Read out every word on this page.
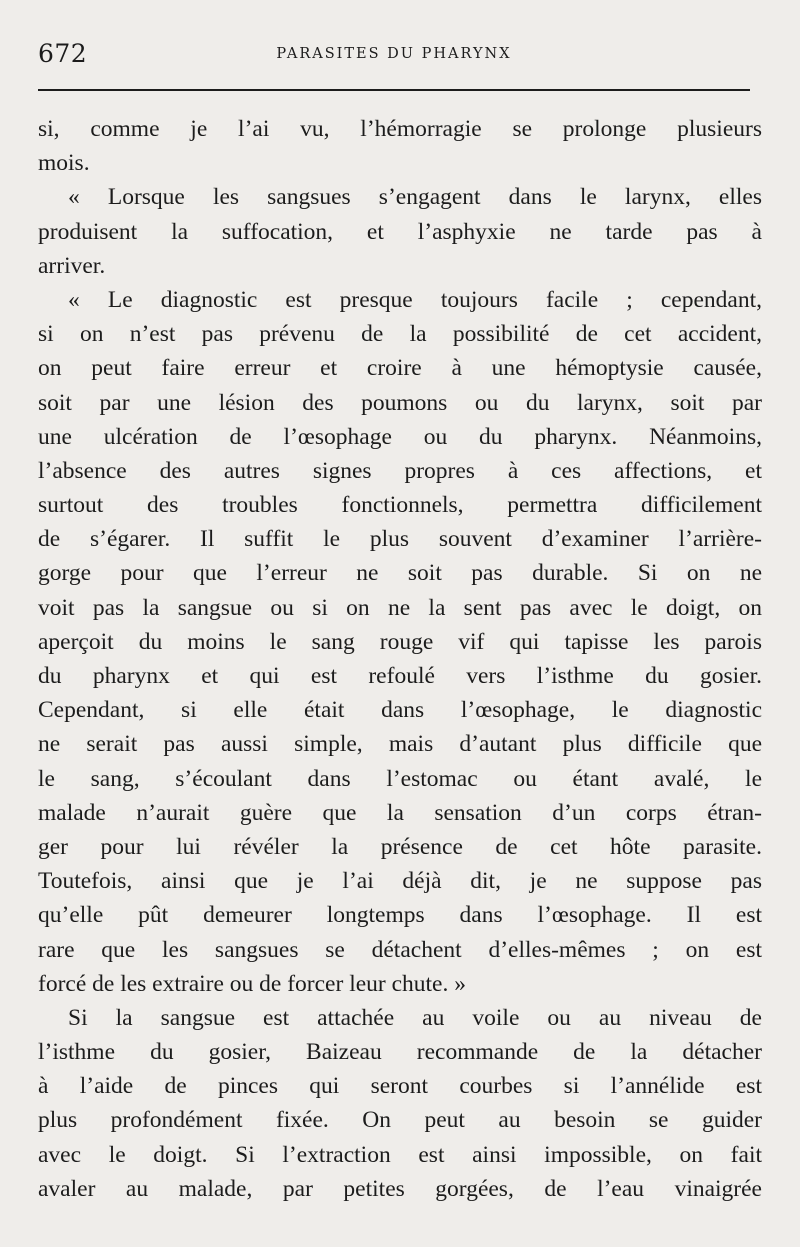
672	PARASITES DU PHARYNX
si, comme je l’ai vu, l’hémorragie se prolonge plusieurs
mois.
« Lorsque les sangsues s’engagent dans le larynx, elles
produisent la suffocation, et l’asphyxie ne tarde pas à
arriver.
« Le diagnostic est presque toujours facile ; cependant,
si on n’est pas prévenu de la possibilité de cet accident,
on peut faire erreur et croire à une hémoptysie causée,
soit par une lésion des poumons ou du larynx, soit par
une ulcération de l’œsophage ou du pharynx. Néanmoins,
l’absence des autres signes propres à ces affections, et
surtout des troubles fonctionnels, permettra difficilement
de s’égarer. Il suffit le plus souvent d’examiner l’arrière-
gorge pour que l’erreur ne soit pas durable. Si on ne
voit pas la sangsue ou si on ne la sent pas avec le doigt, on
aperçoit du moins le sang rouge vif qui tapisse les parois
du pharynx et qui est refoulé vers l’isthme du gosier.
Cependant, si elle était dans l’œsophage, le diagnostic
ne serait pas aussi simple, mais d’autant plus difficile que
le sang, s’écoulant dans l’estomac ou étant avalé, le
malade n’aurait guère que la sensation d’un corps étran-
ger pour lui révéler la présence de cet hôte parasite.
Toutefois, ainsi que je l’ai déjà dit, je ne suppose pas
qu’elle pût demeurer longtemps dans l’œsophage. Il est
rare que les sangsues se détachent d’elles-mêmes ; on est
forcé de les extraire ou de forcer leur chute. »
Si la sangsue est attachée au voile ou au niveau de
l’isthme du gosier, Baizeau recommande de la détacher
à l’aide de pinces qui seront courbes si l’annélide est
plus profondément fixée. On peut au besoin se guider
avec le doigt. Si l’extraction est ainsi impossible, on fait
avaler au malade, par petites gorgées, de l’eau vinaigrée
